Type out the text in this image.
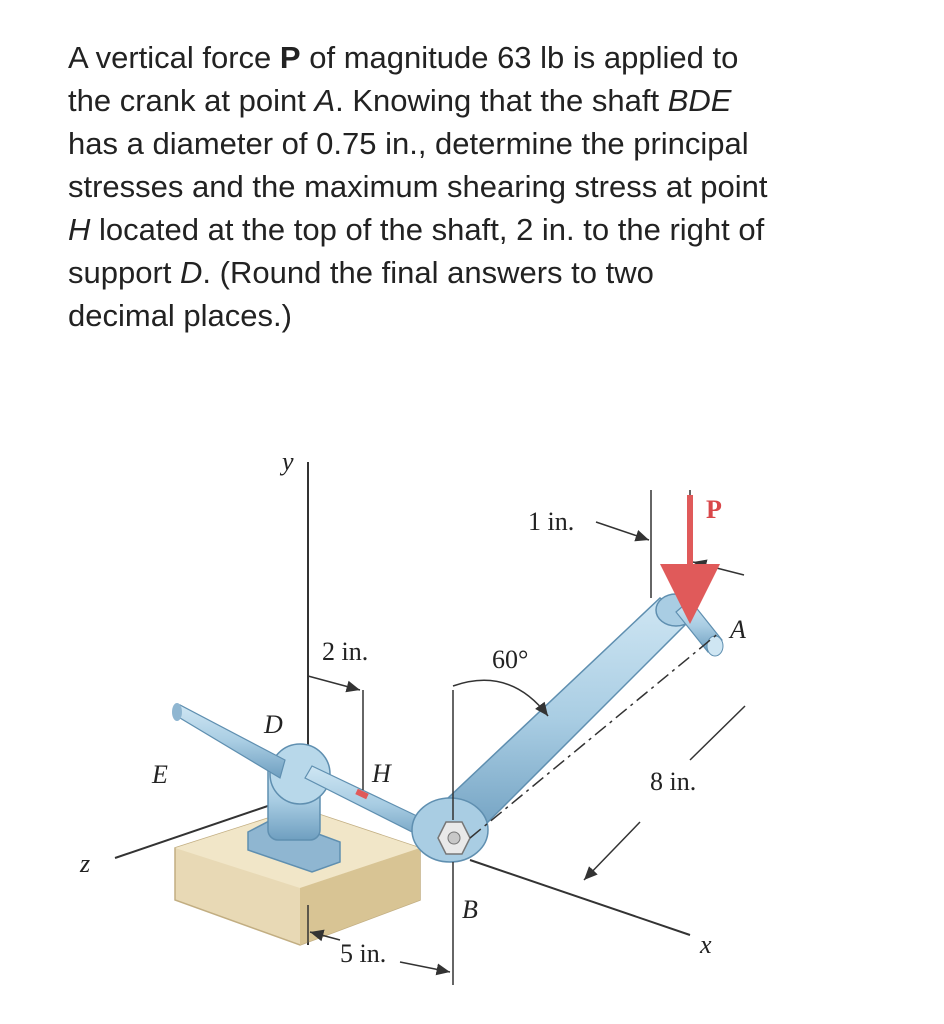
A vertical force P of magnitude 63 lb is applied to the crank at point A. Knowing that the shaft BDE has a diameter of 0.75 in., determine the principal stresses and the maximum shearing stress at point H located at the top of the shaft, 2 in. to the right of support D. (Round the final answers to two decimal places.)

y
z
x
E
D
H
B
2 in.
5 in.
60°
1 in.	P
A
8 in.
